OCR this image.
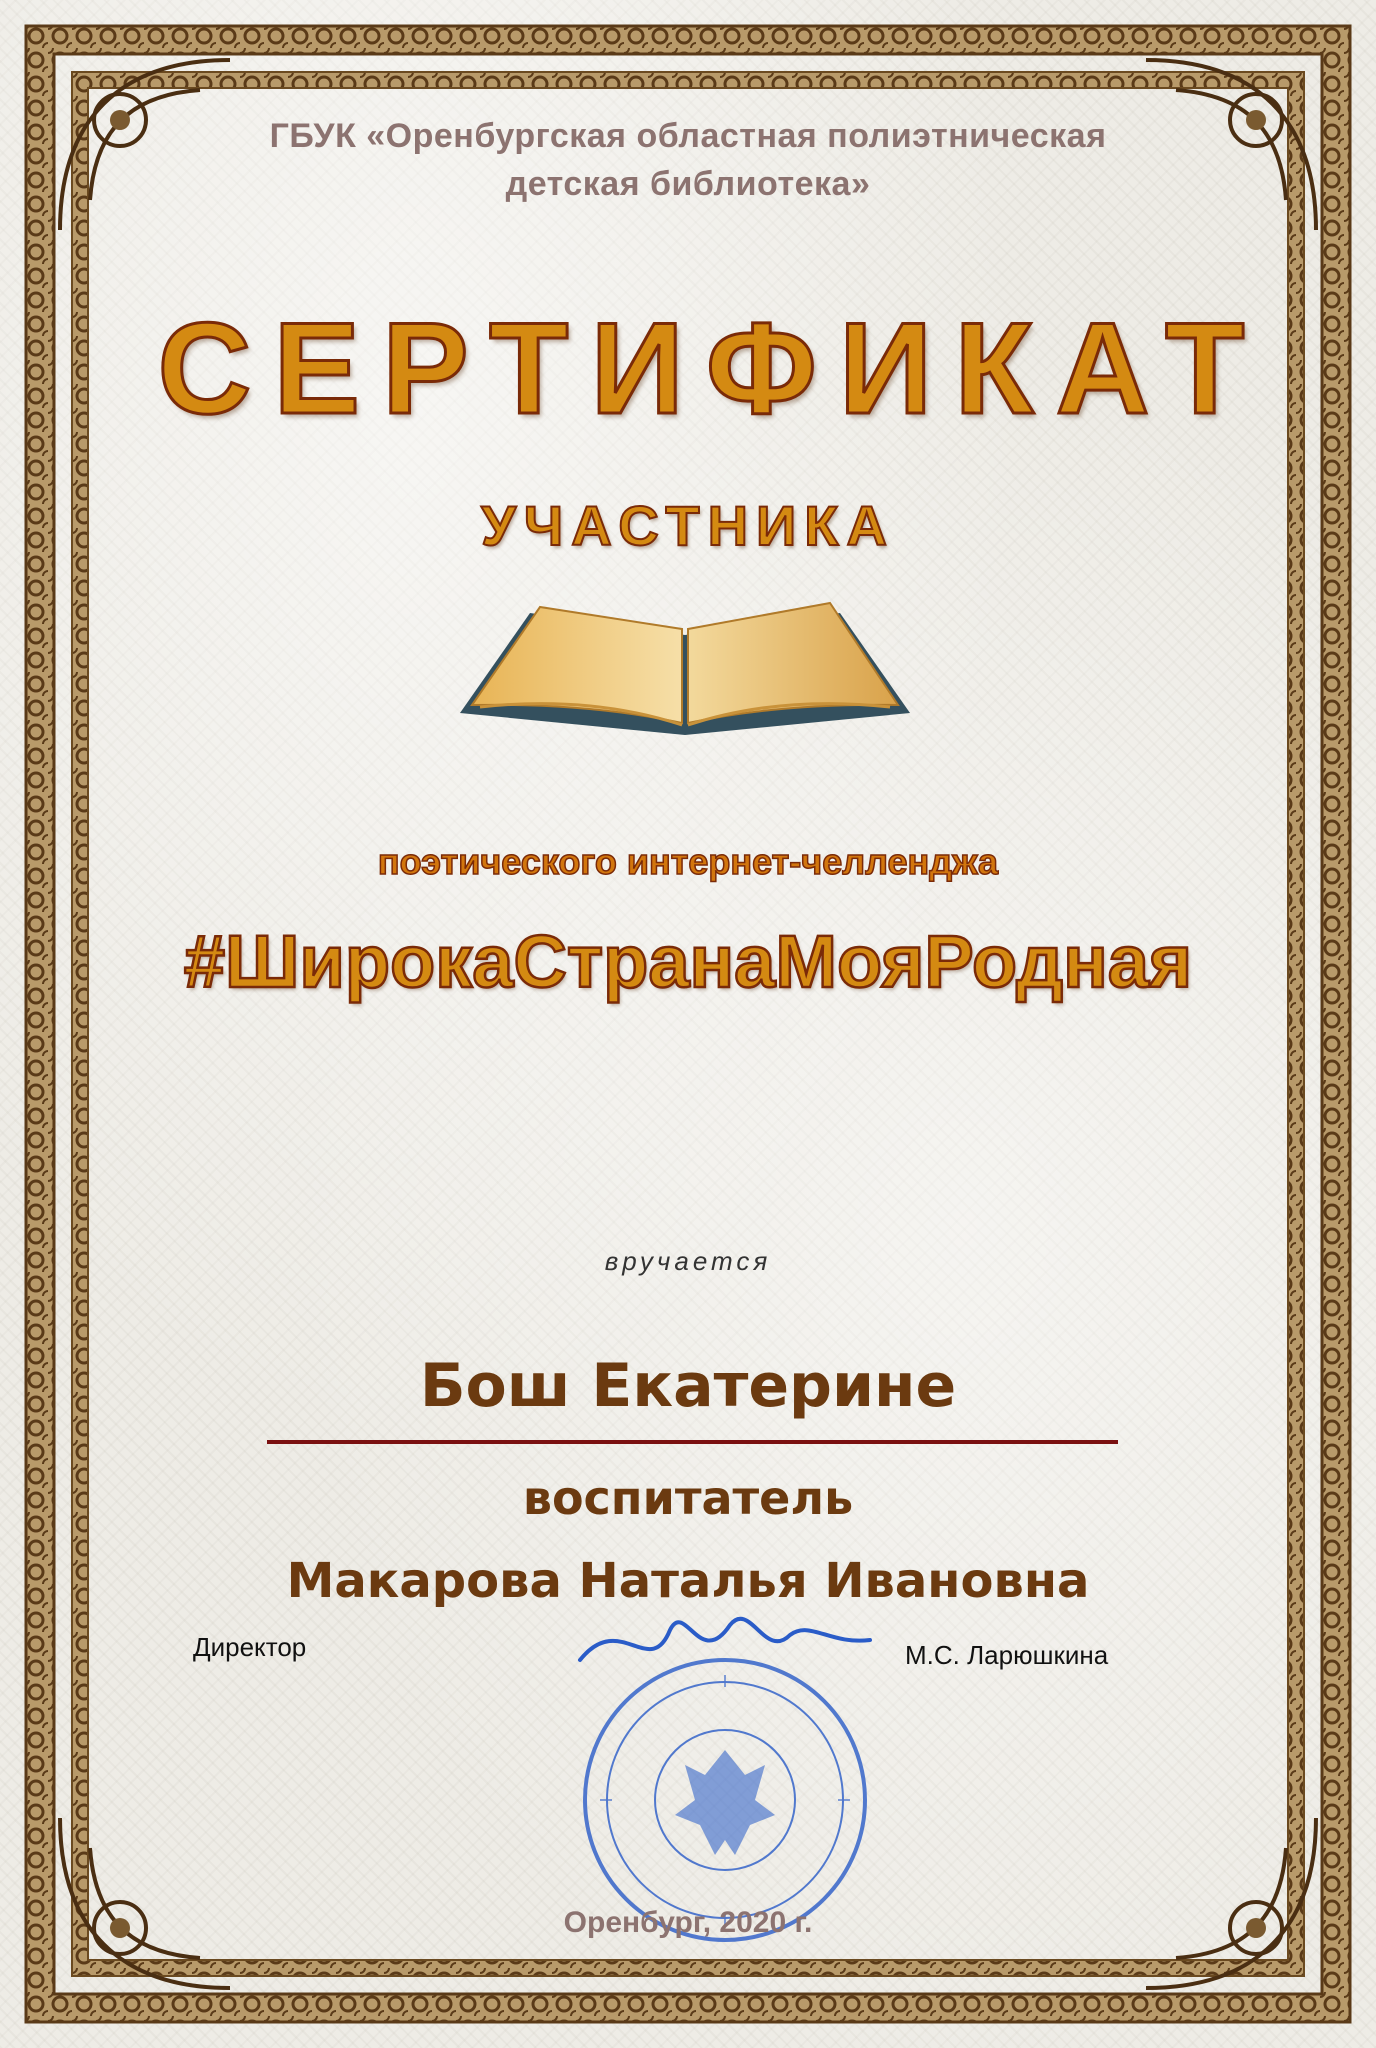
ГБУК «Оренбургская областная полиэтническая
детская библиотека»

СЕРТИФИКАТ

УЧАСТНИКА

поэтического интернет-челленджа

#ШирокаСтранаМояРодная

вручается

Бош Екатерине

воспитатель

Макарова Наталья Ивановна

Директор	М.С. Ларюшкина

Оренбург, 2020 г.
